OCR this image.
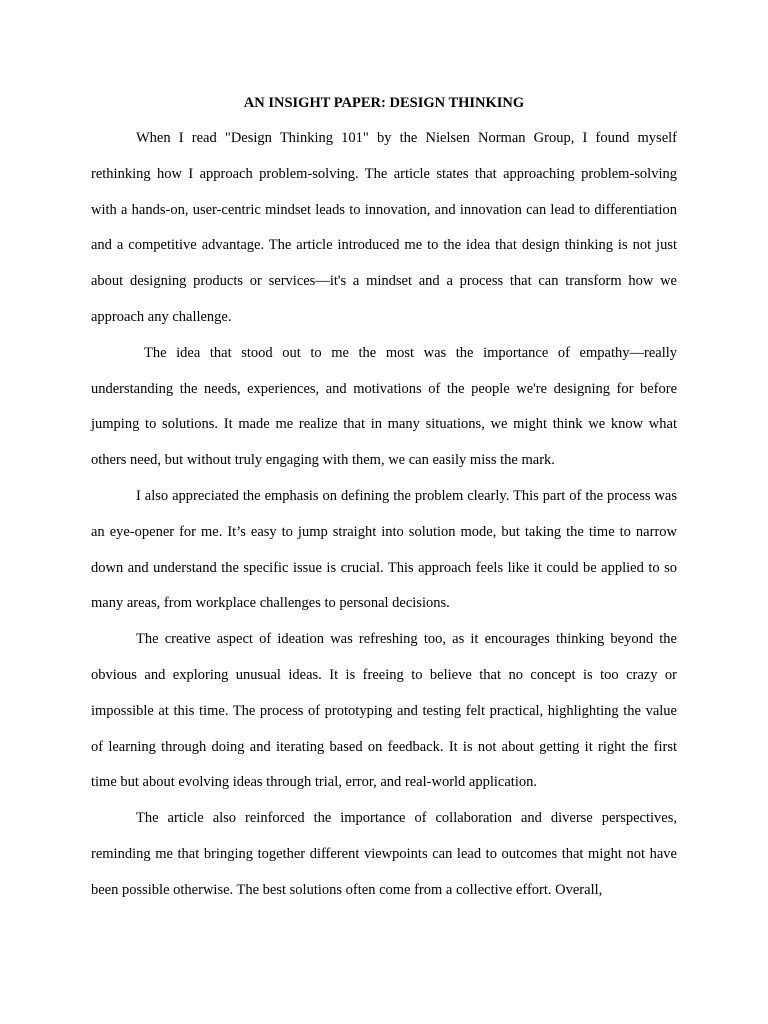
AN INSIGHT PAPER: DESIGN THINKING

When I read "Design Thinking 101" by the Nielsen Norman Group, I found myself rethinking how I approach problem-solving. The article states that approaching problem-solving with a hands-on, user-centric mindset leads to innovation, and innovation can lead to differentiation and a competitive advantage. The article introduced me to the idea that design thinking is not just about designing products or services—it's a mindset and a process that can transform how we approach any challenge.

The idea that stood out to me the most was the importance of empathy—really understanding the needs, experiences, and motivations of the people we're designing for before jumping to solutions. It made me realize that in many situations, we might think we know what others need, but without truly engaging with them, we can easily miss the mark.

I also appreciated the emphasis on defining the problem clearly. This part of the process was an eye-opener for me. It’s easy to jump straight into solution mode, but taking the time to narrow down and understand the specific issue is crucial. This approach feels like it could be applied to so many areas, from workplace challenges to personal decisions.

The creative aspect of ideation was refreshing too, as it encourages thinking beyond the obvious and exploring unusual ideas. It is freeing to believe that no concept is too crazy or impossible at this time. The process of prototyping and testing felt practical, highlighting the value of learning through doing and iterating based on feedback. It is not about getting it right the first time but about evolving ideas through trial, error, and real-world application.

The article also reinforced the importance of collaboration and diverse perspectives, reminding me that bringing together different viewpoints can lead to outcomes that might not have been possible otherwise. The best solutions often come from a collective effort. Overall,
